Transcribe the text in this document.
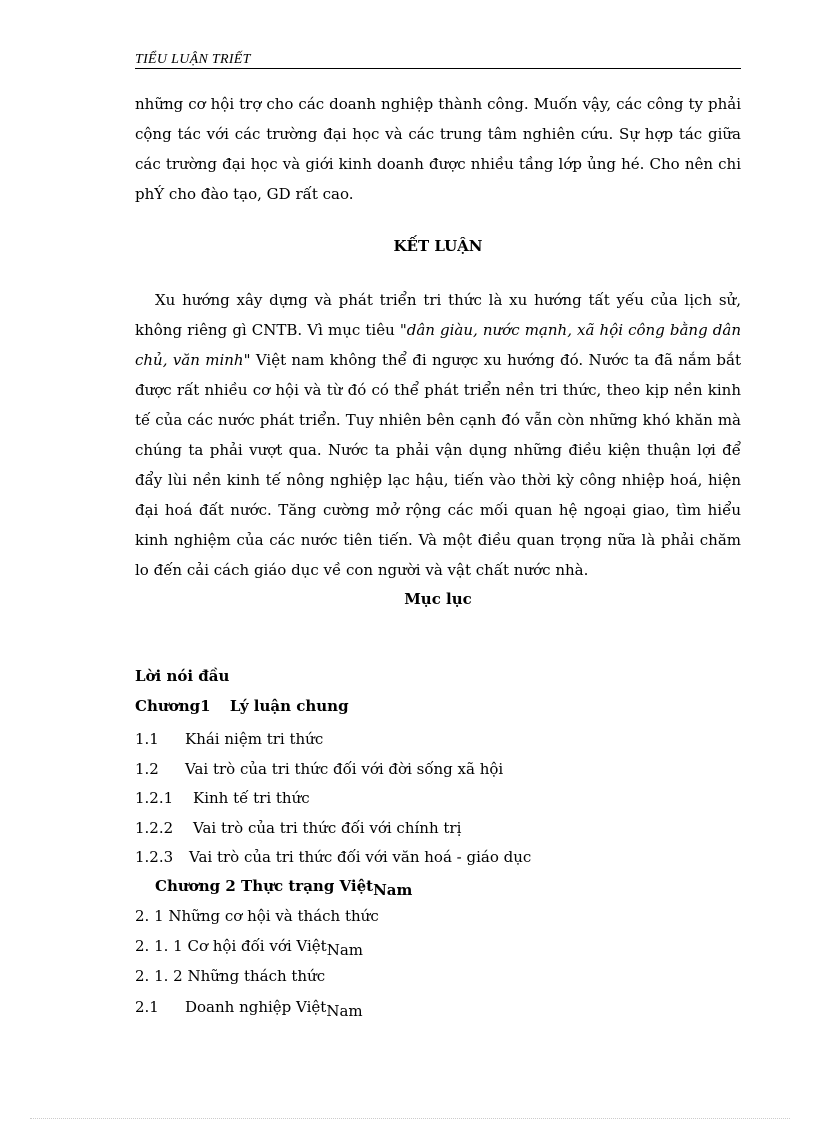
TIỂU LUẬN TRIẾT
những cơ hội trợ cho các doanh nghiệp thành công. Muốn vậy, các công ty phải cộng tác với các trường đại học và các trung tâm nghiên cứu. Sự hợp tác giữa các trường đại học và giới kinh doanh được nhiều tầng lớp ủng hé. Cho nên chi phÝ cho đào tạo, GD rất cao.
KẾT LUẬN
Xu hướng xây dựng và phát triển tri thức là xu hướng tất yếu của lịch sử, không riêng gì CNTB. Vì mục tiêu "dân giàu, nước mạnh, xã hội công bằng dân chủ, văn minh" Việt nam không thể đi ngược xu hướng đó. Nước ta đã nắm bắt được rất nhiều cơ hội và từ đó có thể phát triển nền tri thức, theo kịp nền kinh tế của các nước phát triển. Tuy nhiên bên cạnh đó vẫn còn những khó khăn mà chúng ta phải vượt qua. Nước ta phải vận dụng những điều kiện thuận lợi để đẩy lùi nền kinh tế nông nghiệp lạc hậu, tiến vào thời kỳ công nhiệp hoá, hiện đại hoá đất nước. Tăng cường mở rộng các mối quan hệ ngoại giao, tìm hiểu kinh nghiệm của các nước tiên tiến. Và một điều quan trọng nữa là phải chăm lo đến cải cách giáo dục về con người và vật chất nước nhà.
Mục lục
Lời nói đầu
Chương1 Lý luận chung
1.1 Khái niệm tri thức
1.2 Vai trò của tri thức đối với đời sống xã hội
1.2.1 Kinh tế tri thức
1.2.2 Vai trò của tri thức đối với chính trị
1.2.3 Vai trò của tri thức đối với văn hoá - giáo dục
Chương 2 Thực trạng ViệtNam
2. 1 Những cơ hội và thách thức
2. 1. 1 Cơ hội đối với ViệtNam
2. 1. 2 Những thách thức
2.1 Doanh nghiệp ViệtNam
